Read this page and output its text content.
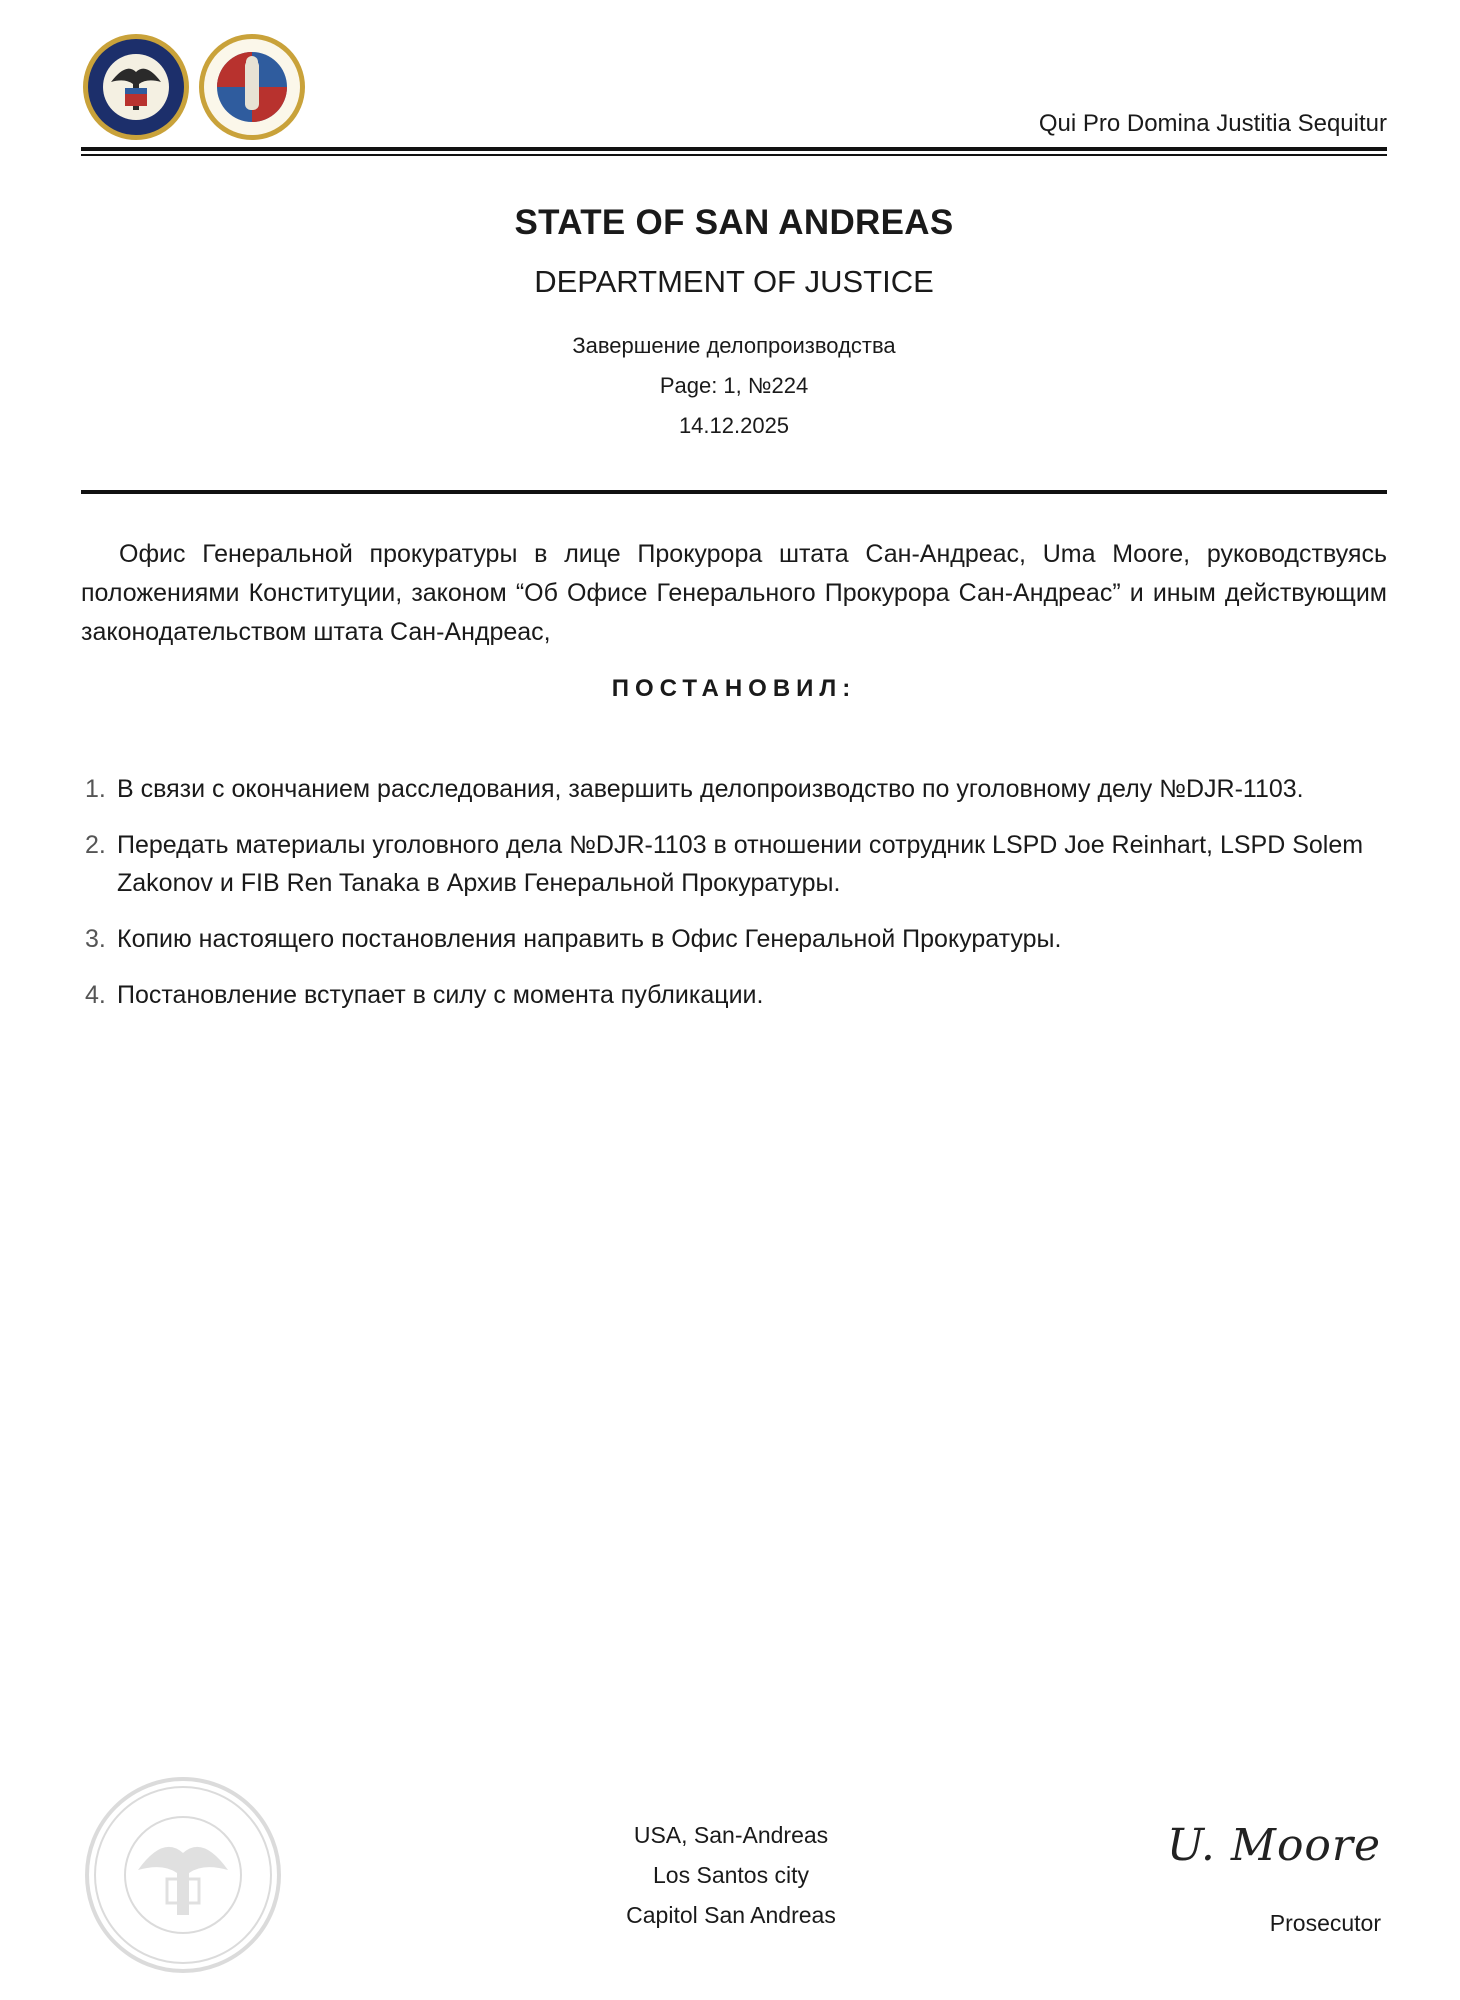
Qui Pro Domina Justitia Sequitur
STATE OF SAN ANDREAS
DEPARTMENT OF JUSTICE
Завершение делопроизводства
Page: 1, №224
14.12.2025
Офис Генеральной прокуратуры в лице Прокурора штата Сан-Андреас, Uma Moore, руководствуясь положениями Конституции, законом “Об Офисе Генерального Прокурора Сан-Андреас” и иным действующим законодательством штата Сан-Андреас,
ПОСТАНОВИЛ:
1. В связи с окончанием расследования, завершить делопроизводство по уголовному делу №DJR-1103.
2. Передать материалы уголовного дела №DJR-1103 в отношении сотрудник LSPD Joe Reinhart, LSPD Solem Zakonov и FIB Ren Tanaka в Архив Генеральной Прокуратуры.
3. Копию настоящего постановления направить в Офис Генеральной Прокуратуры.
4. Постановление вступает в силу с момента публикации.
USA, San-Andreas
Los Santos city
Capitol San Andreas
U. Moore
Prosecutor
